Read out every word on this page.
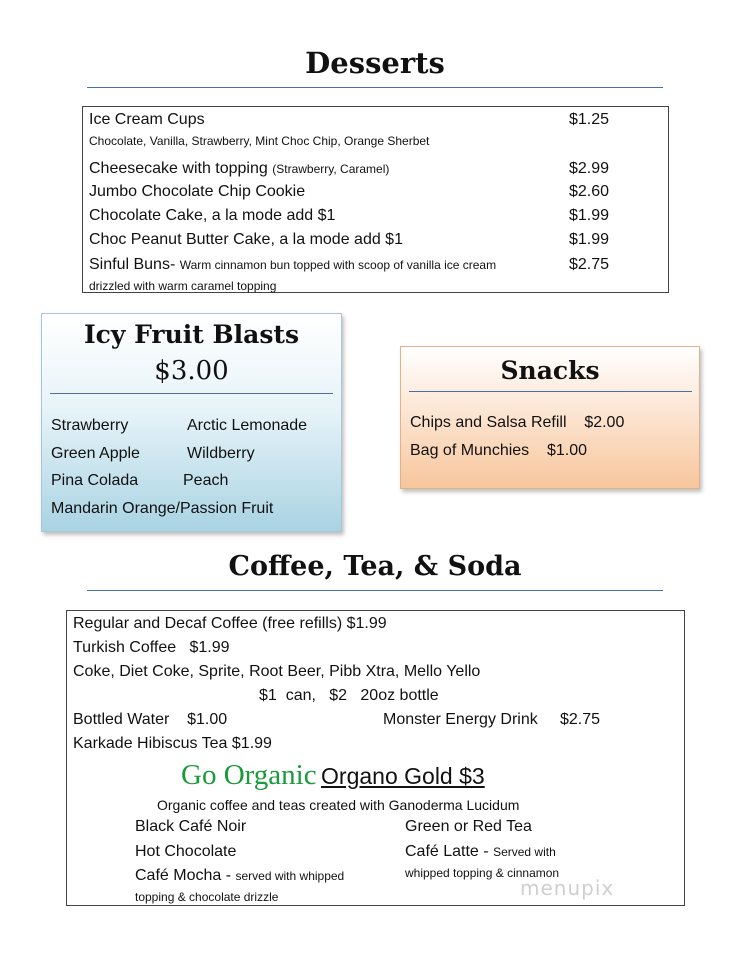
Desserts
Ice Cream Cups
Chocolate, Vanilla, Strawberry, Mint Choc Chip, Orange Sherbet
$1.25
Cheesecake with topping (Strawberry, Caramel)	$2.99
Jumbo Chocolate Chip Cookie	$2.60
Chocolate Cake, a la mode add $1	$1.99
Choc Peanut Butter Cake, a la mode add $1	$1.99
Sinful Buns- Warm cinnamon bun topped with scoop of vanilla ice cream
drizzled with warm caramel topping
$2.75
Icy Fruit Blasts
$3.00
Strawberry	Arctic Lemonade
Green Apple	Wildberry
Pina Colada	Peach
Mandarin Orange/Passion Fruit
Snacks
Chips and Salsa Refill $2.00
Bag of Munchies $1.00
Coffee, Tea, & Soda
Regular and Decaf Coffee (free refills) $1.99
Turkish Coffee   $1.99
Coke, Diet Coke, Sprite, Root Beer, Pibb Xtra, Mello Yello
$1  can,   $2   20oz bottle
Bottled Water    $1.00	Monster Energy Drink     $2.75
Karkade Hibiscus Tea $1.99
Go Organic Organo Gold $3
Organic coffee and teas created with Ganoderma Lucidum
Black Café Noir
Hot Chocolate
Café Mocha - served with whipped
topping & chocolate drizzle
Green or Red Tea
Café Latte - Served with
whipped topping & cinnamon
menupix
